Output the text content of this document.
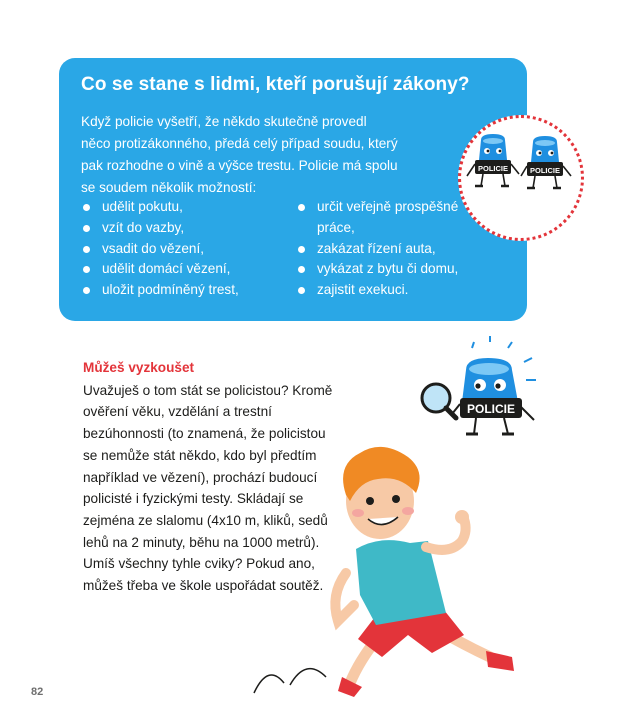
Co se stane s lidmi, kteří porušují zákony?

Když policie vyšetří, že někdo skutečně provedl něco protizákonného, předá celý případ soudu, který pak rozhodne o vině a výšce trestu. Policie má spolu se soudem několik možností:

udělit pokutu,
vzít do vazby,
vsadit do vězení,
udělit domácí vězení,
uložit podmíněný trest,
určit veřejně prospěšné práce,
zakázat řízení auta,
vykázat z bytu či domu,
zajistit exekuci.
POLICIE	POLICIE
Můžeš vyzkoušet

Uvažuješ o tom stát se policistou? Kromě ověření věku, vzdělání a trestní bezúhonnosti (to znamená, že policistou se nemůže stát někdo, kdo byl předtím například ve vězení), prochází budoucí policisté i fyzickými testy. Skládají se zejména ze slalomu (4x10 m, kliků, sedů lehů na 2 minuty, běhu na 1000 metrů). Umíš všechny tyhle cviky? Pokud ano, můžeš třeba ve škole uspořádat soutěž.

POLICIE
82
